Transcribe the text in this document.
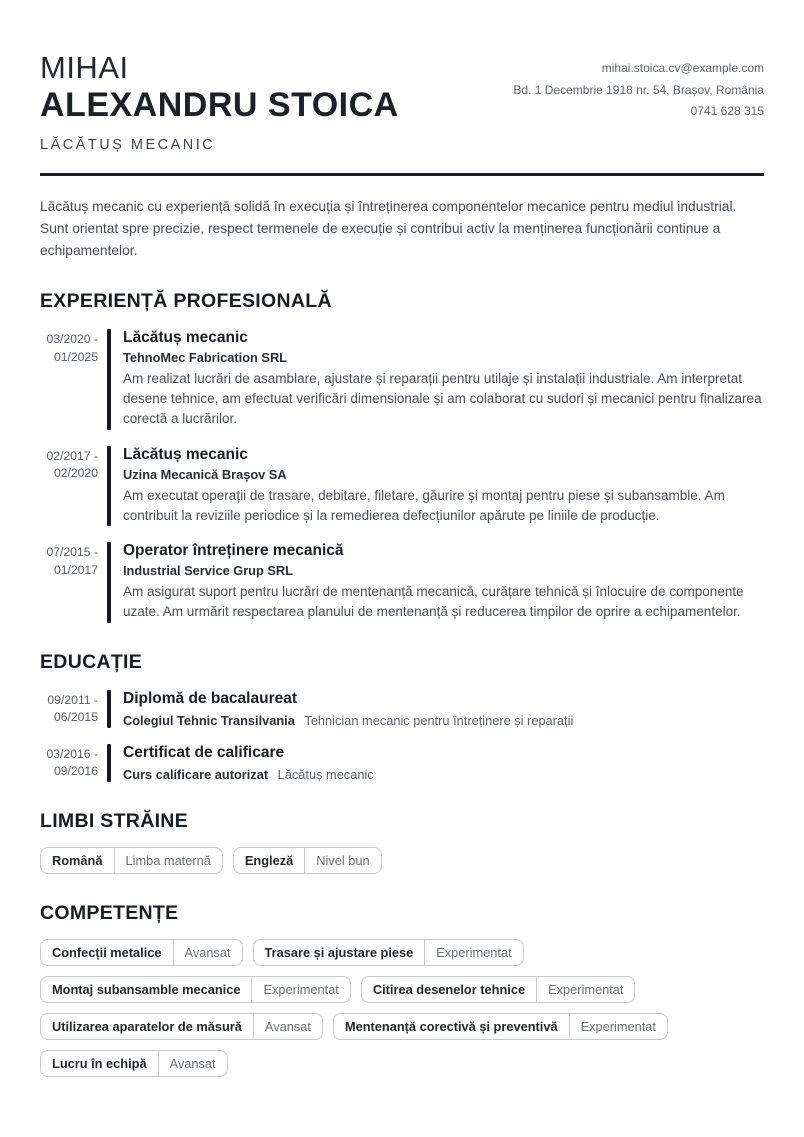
MIHAI
ALEXANDRU STOICA
LĂCĂTUȘ MECANIC
mihai.stoica.cv@example.com
Bd. 1 Decembrie 1918 nr. 54, Brașov, România
0741 628 315

Lăcătuș mecanic cu experiență solidă în execuția și întreținerea componentelor mecanice pentru mediul industrial. Sunt orientat spre precizie, respect termenele de execuție și contribui activ la menținerea funcționării continue a echipamentelor.

EXPERIENȚĂ PROFESIONALĂ
03/2020 -
01/2025
Lăcătuș mecanic
TehnoMec Fabrication SRL
Am realizat lucrări de asamblare, ajustare și reparații pentru utilaje și instalații industriale. Am interpretat desene tehnice, am efectuat verificări dimensionale și am colaborat cu sudori și mecanici pentru finalizarea corectă a lucrărilor.
02/2017 -
02/2020
Lăcătuș mecanic
Uzina Mecanică Brașov SA
Am executat operații de trasare, debitare, filetare, găurire și montaj pentru piese și subansamble. Am contribuit la reviziile periodice și la remedierea defecțiunilor apărute pe liniile de producție.
07/2015 -
01/2017
Operator întreținere mecanică
Industrial Service Grup SRL
Am asigurat suport pentru lucrări de mentenanță mecanică, curățare tehnică și înlocuire de componente uzate. Am urmărit respectarea planului de mentenanță și reducerea timpilor de oprire a echipamentelor.
EDUCAȚIE
09/2011 -
06/2015
Diplomă de bacalaureat
Colegiul Tehnic Transilvania Tehnician mecanic pentru întreținere și reparații
03/2016 -
09/2016
Certificat de calificare
Curs calificare autorizat Lăcătuș mecanic
LIMBI STRĂINE
Română	Limba maternă	Engleză	Nivel bun
COMPETENȚE
Confecții metalice	Avansat	Trasare și ajustare piese	Experimentat
Montaj subansamble mecanice	Experimentat	Citirea desenelor tehnice	Experimentat
Utilizarea aparatelor de măsură	Avansat	Mentenanță corectivă și preventivă	Experimentat
Lucru în echipă	Avansat
